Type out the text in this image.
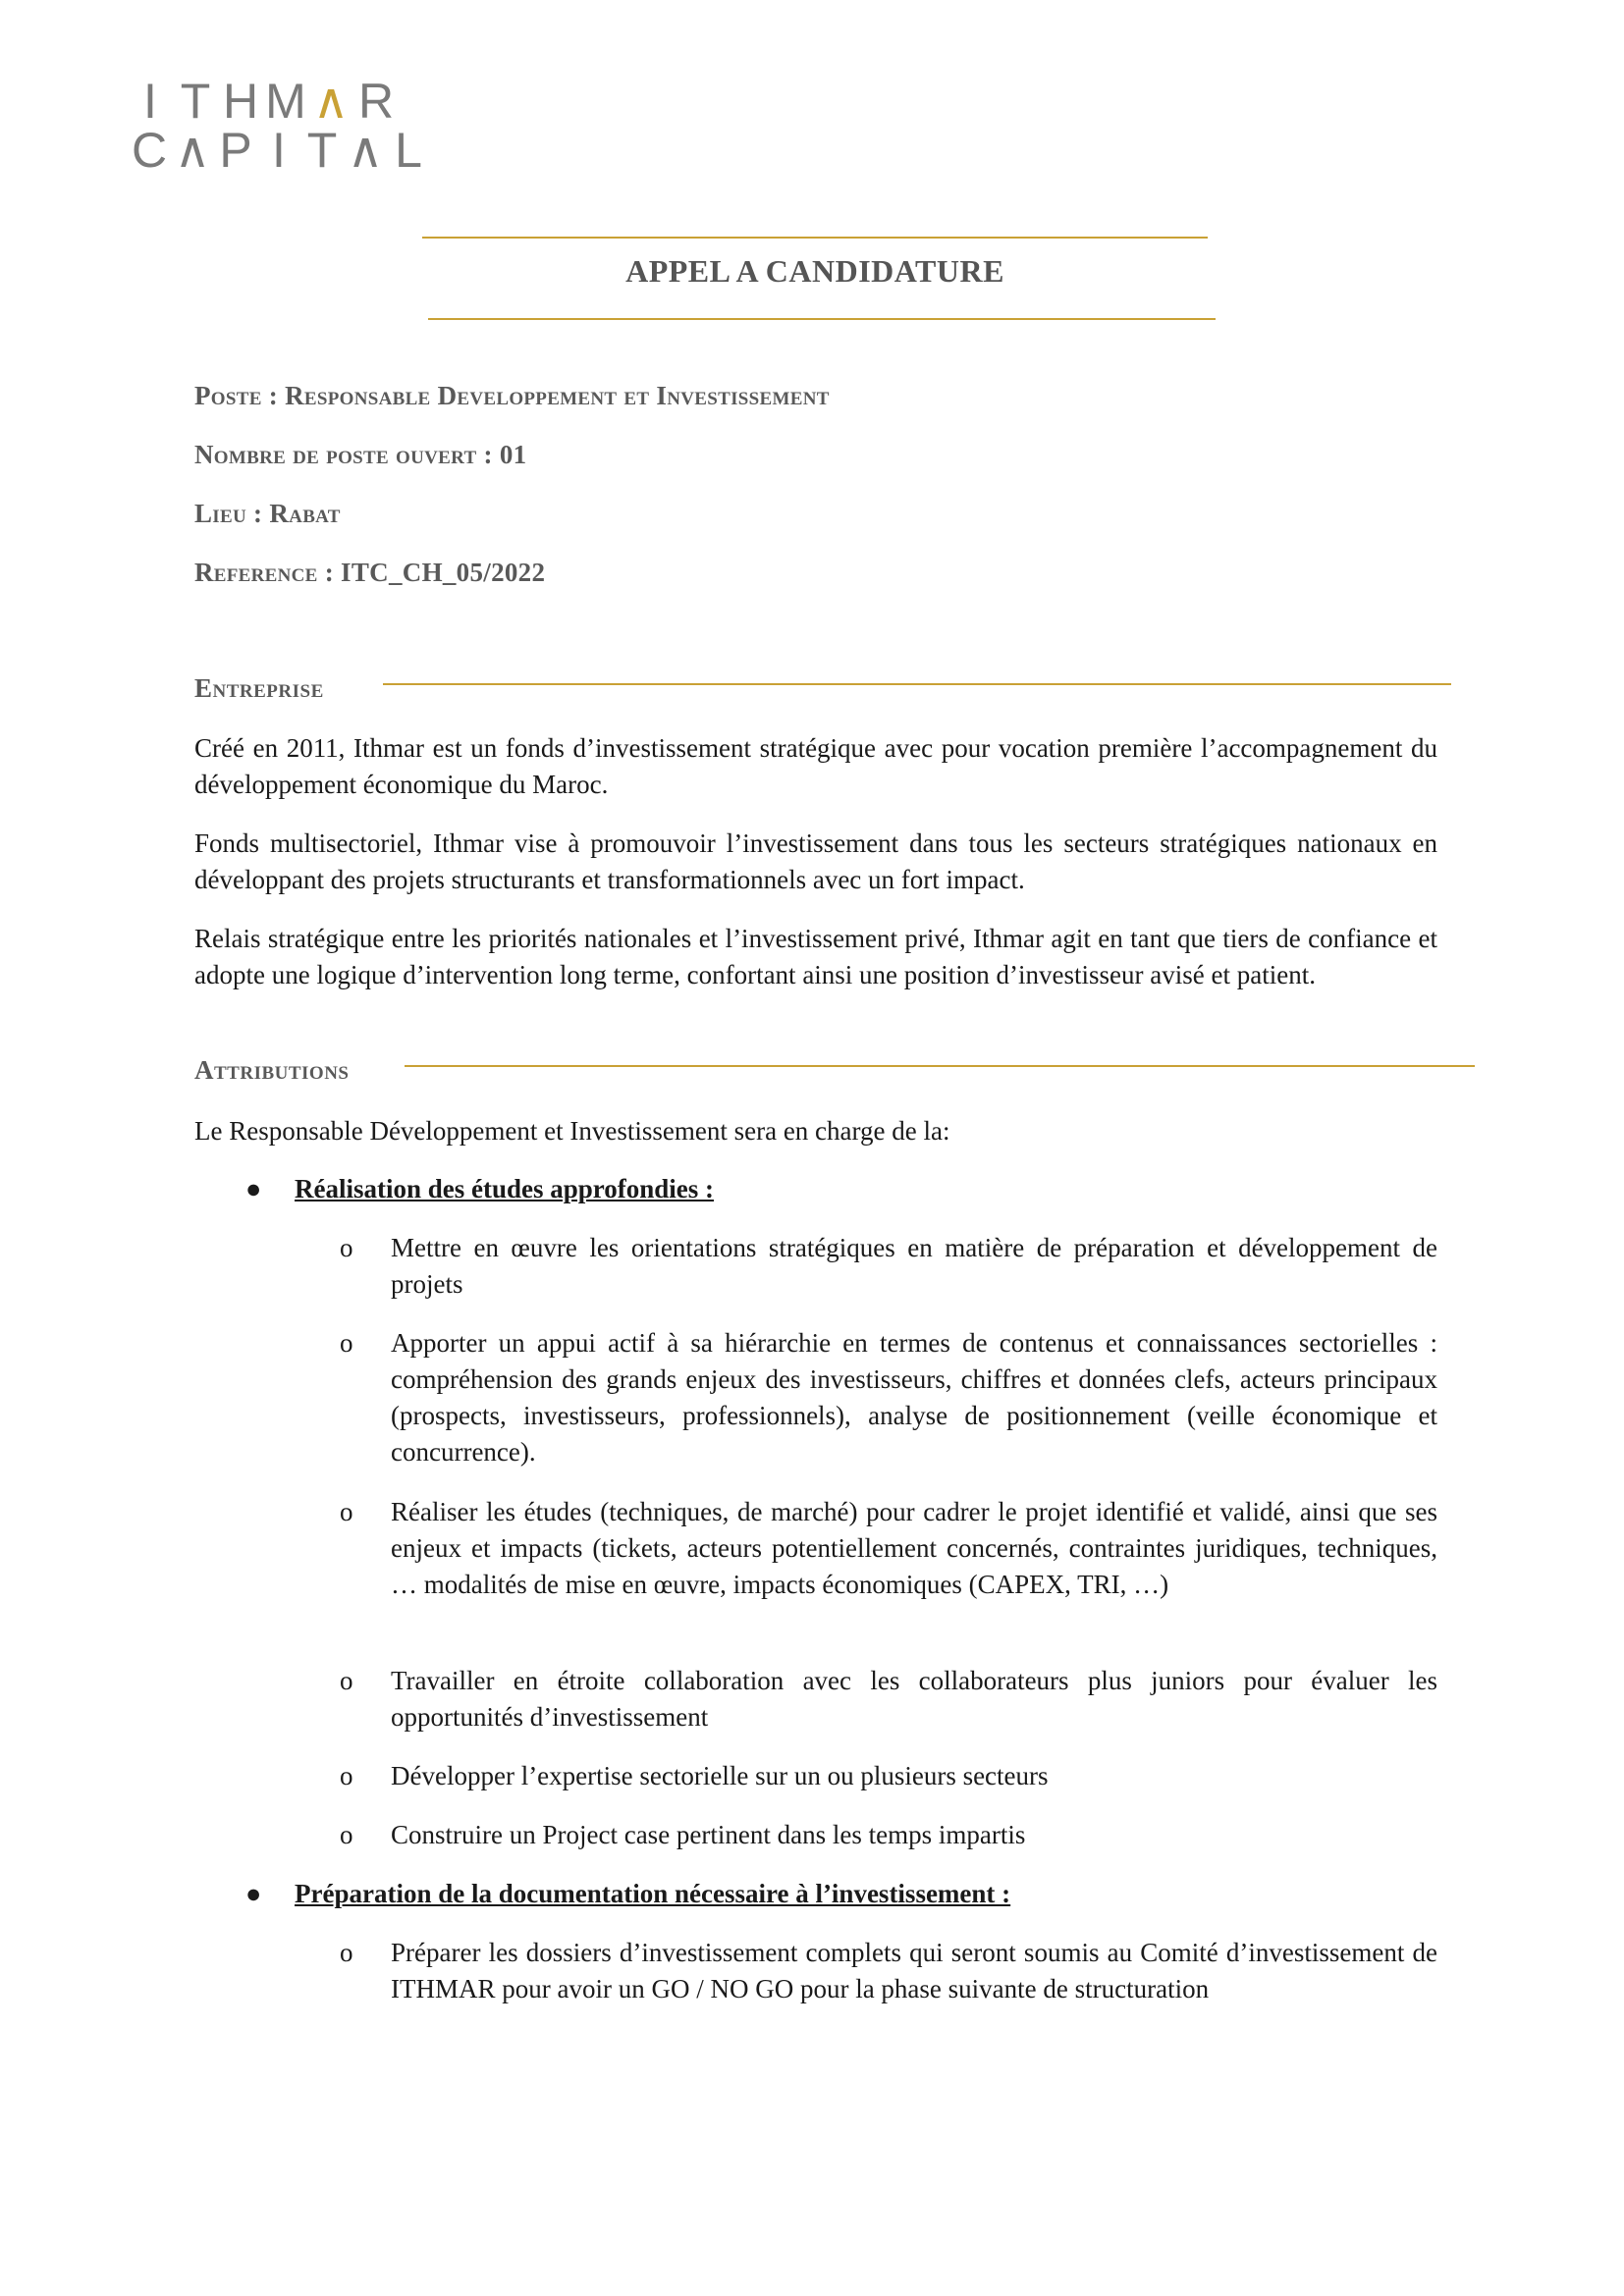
I T H M ∧ R
C ∧ P I T ∧ L
APPEL A CANDIDATURE
Poste : Responsable Developpement et Investissement
Nombre de poste ouvert : 01
Lieu : Rabat
Reference : ITC_CH_05/2022
Entreprise
Créé en 2011, Ithmar est un fonds d’investissement stratégique avec pour vocation première l’accompagnement du développement économique du Maroc.
Fonds multisectoriel, Ithmar vise à promouvoir l’investissement dans tous les secteurs stratégiques nationaux en développant des projets structurants et transformationnels avec un fort impact.
Relais stratégique entre les priorités nationales et l’investissement privé, Ithmar agit en tant que tiers de confiance et adopte une logique d’intervention long terme, confortant ainsi une position d’investisseur avisé et patient.
Attributions
Le Responsable Développement et Investissement sera en charge de la:
● Réalisation des études approfondies :
o Mettre en œuvre les orientations stratégiques en matière de préparation et développement de projets
o Apporter un appui actif à sa hiérarchie en termes de contenus et connaissances sectorielles : compréhension des grands enjeux des investisseurs, chiffres et données clefs, acteurs principaux (prospects, investisseurs, professionnels), analyse de positionnement (veille économique et concurrence).
o Réaliser les études (techniques, de marché) pour cadrer le projet identifié et validé, ainsi que ses enjeux et impacts (tickets, acteurs potentiellement concernés, contraintes juridiques, techniques, … modalités de mise en œuvre, impacts économiques (CAPEX, TRI, …)
o Travailler en étroite collaboration avec les collaborateurs plus juniors pour évaluer les opportunités d’investissement
o Développer l’expertise sectorielle sur un ou plusieurs secteurs
o Construire un Project case pertinent dans les temps impartis
● Préparation de la documentation nécessaire à l’investissement :
o Préparer les dossiers d’investissement complets qui seront soumis au Comité d’investissement de ITHMAR pour avoir un GO / NO GO pour la phase suivante de structuration
